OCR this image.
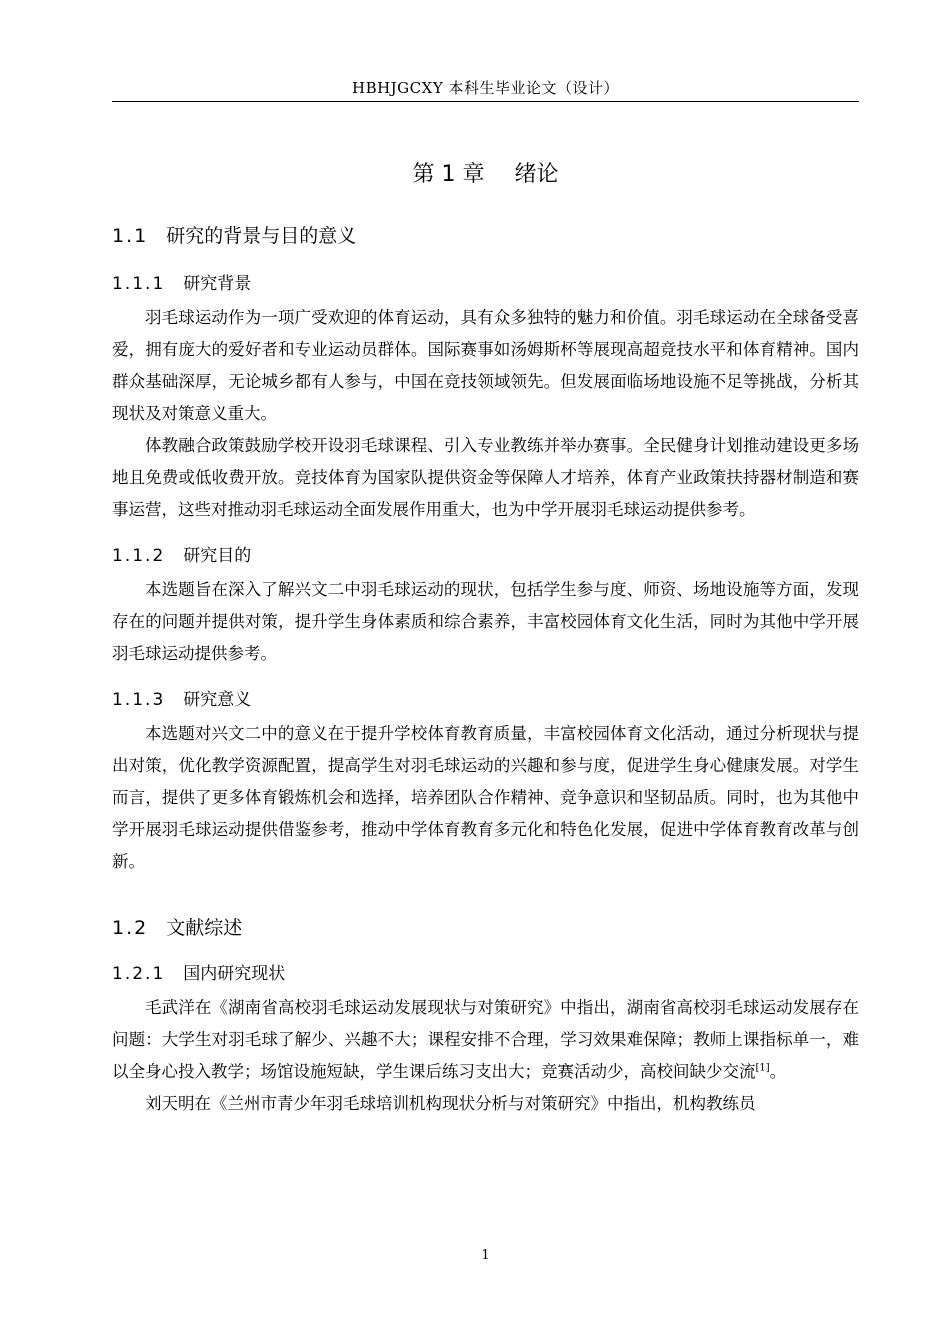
HBHJGCXY 本科生毕业论文（设计）
第 1 章 绪论
1.1 研究的背景与目的意义
1.1.1 研究背景

羽毛球运动作为一项广受欢迎的体育运动，具有众多独特的魅力和价值。羽毛球运动在全球备受喜爱，拥有庞大的爱好者和专业运动员群体。国际赛事如汤姆斯杯等展现高超竞技水平和体育精神。国内群众基础深厚，无论城乡都有人参与，中国在竞技领域领先。但发展面临场地设施不足等挑战，分析其现状及对策意义重大。

体教融合政策鼓励学校开设羽毛球课程、引入专业教练并举办赛事。全民健身计划推动建设更多场地且免费或低收费开放。竞技体育为国家队提供资金等保障人才培养，体育产业政策扶持器材制造和赛事运营，这些对推动羽毛球运动全面发展作用重大，也为中学开展羽毛球运动提供参考。

1.1.2 研究目的

本选题旨在深入了解兴文二中羽毛球运动的现状，包括学生参与度、师资、场地设施等方面，发现存在的问题并提供对策，提升学生身体素质和综合素养，丰富校园体育文化生活，同时为其他中学开展羽毛球运动提供参考。

1.1.3 研究意义

本选题对兴文二中的意义在于提升学校体育教育质量，丰富校园体育文化活动，通过分析现状与提出对策，优化教学资源配置，提高学生对羽毛球运动的兴趣和参与度，促进学生身心健康发展。对学生而言，提供了更多体育锻炼机会和选择，培养团队合作精神、竞争意识和坚韧品质。同时，也为其他中学开展羽毛球运动提供借鉴参考，推动中学体育教育多元化和特色化发展，促进中学体育教育改革与创新。

1.2 文献综述
1.2.1 国内研究现状

毛武洋在《湖南省高校羽毛球运动发展现状与对策研究》中指出，湖南省高校羽毛球运动发展存在问题：大学生对羽毛球了解少、兴趣不大；课程安排不合理，学习效果难保障；教师上课指标单一，难以全身心投入教学；场馆设施短缺，学生课后练习支出大；竞赛活动少，高校间缺少交流[1]。

刘天明在《兰州市青少年羽毛球培训机构现状分析与对策研究》中指出，机构教练员

1
